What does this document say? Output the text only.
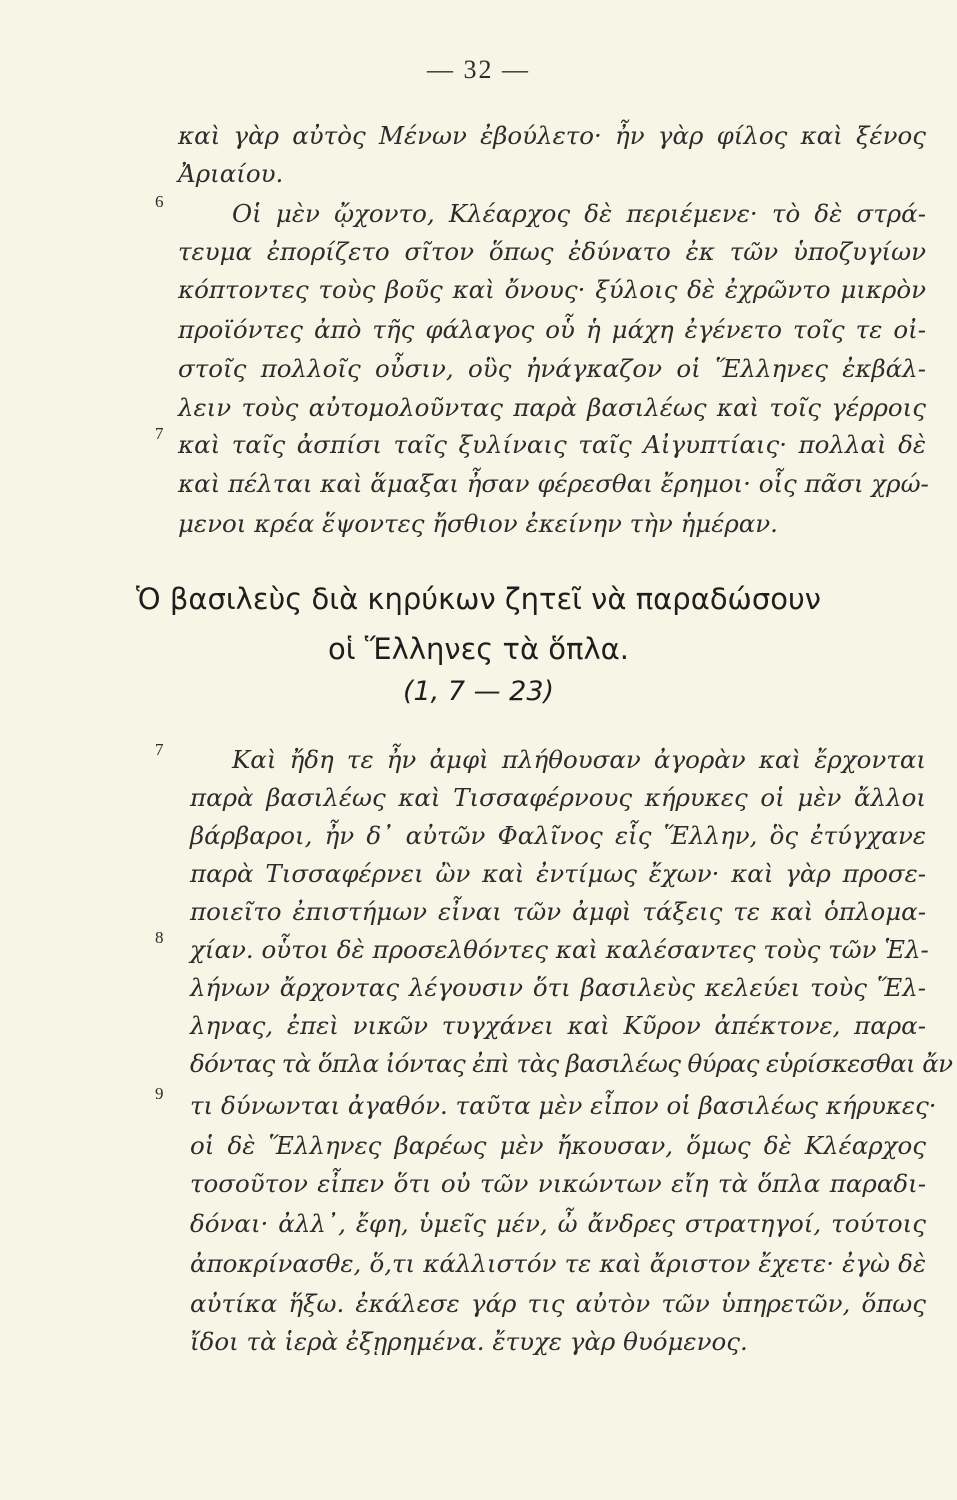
— 32 —
καὶ γὰρ αὐτὸς Μένων ἐβούλετο· ἦν γὰρ φίλος καὶ ξένος
Ἀριαίου.
6	Οἱ μὲν ᾤχοντο, Κλέαρχος δὲ περιέμενε· τὸ δὲ στρά-
τευμα ἐπορίζετο σῖτον ὅπως ἐδύνατο ἐκ τῶν ὑποζυγίων
κόπτοντες τοὺς βοῦς καὶ ὄνους· ξύλοις δὲ ἐχρῶντο μικρὸν
προϊόντες ἀπὸ τῆς φάλαγος οὗ ἡ μάχη ἐγένετο τοῖς τε οἰ-
στοῖς πολλοῖς οὖσιν, οὓς ἠνάγκαζον οἱ Ἕλληνες ἐκβάλ-
λειν τοὺς αὐτομολοῦντας παρὰ βασιλέως καὶ τοῖς γέρροις
7 καὶ ταῖς ἀσπίσι ταῖς ξυλίναις ταῖς Αἰγυπτίαις· πολλαὶ δὲ
καὶ πέλται καὶ ἅμαξαι ἦσαν φέρεσθαι ἔρημοι· οἷς πᾶσι χρώ-
μενοι κρέα ἕψοντες ἤσθιον ἐκείνην τὴν ἡμέραν.
Ὁ βασιλεὺς διὰ κηρύκων ζητεῖ νὰ παραδώσουν
οἱ Ἕλληνες τὰ ὅπλα.
(1, 7 — 23)
7	Καὶ ἤδη τε ἦν ἀμφὶ πλήθουσαν ἀγορὰν καὶ ἔρχονται
παρὰ βασιλέως καὶ Τισσαφέρνους κήρυκες οἱ μὲν ἄλλοι
βάρβαροι, ἦν δ᾽ αὐτῶν Φαλῖνος εἷς Ἕλλην, ὃς ἐτύγχανε
παρὰ Τισσαφέρνει ὢν καὶ ἐντίμως ἔχων· καὶ γὰρ προσε-
ποιεῖτο ἐπιστήμων εἶναι τῶν ἀμφὶ τάξεις τε καὶ ὁπλομα-
8 χίαν. οὗτοι δὲ προσελθόντες καὶ καλέσαντες τοὺς τῶν Ἑλ-
λήνων ἄρχοντας λέγουσιν ὅτι βασιλεὺς κελεύει τοὺς Ἕλ-
ληνας, ἐπεὶ νικῶν τυγχάνει καὶ Κῦρον ἀπέκτονε, παρα-
δόντας τὰ ὅπλα ἰόντας ἐπὶ τὰς βασιλέως θύρας εὑρίσκεσθαι ἄν
9 τι δύνωνται ἀγαθόν. ταῦτα μὲν εἶπον οἱ βασιλέως κήρυκες·
οἱ δὲ Ἕλληνες βαρέως μὲν ἤκουσαν, ὅμως δὲ Κλέαρχος
τοσοῦτον εἶπεν ὅτι οὐ τῶν νικώντων εἴη τὰ ὅπλα παραδι-
δόναι· ἀλλ᾽, ἔφη, ὑμεῖς μέν, ὦ ἄνδρες στρατηγοί, τούτοις
ἀποκρίνασθε, ὅ,τι κάλλιστόν τε καὶ ἄριστον ἔχετε· ἐγὼ δὲ
αὐτίκα ἥξω. ἐκάλεσε γάρ τις αὐτὸν τῶν ὑπηρετῶν, ὅπως
ἴδοι τὰ ἱερὰ ἐξῃρημένα. ἔτυχε γὰρ θυόμενος.
